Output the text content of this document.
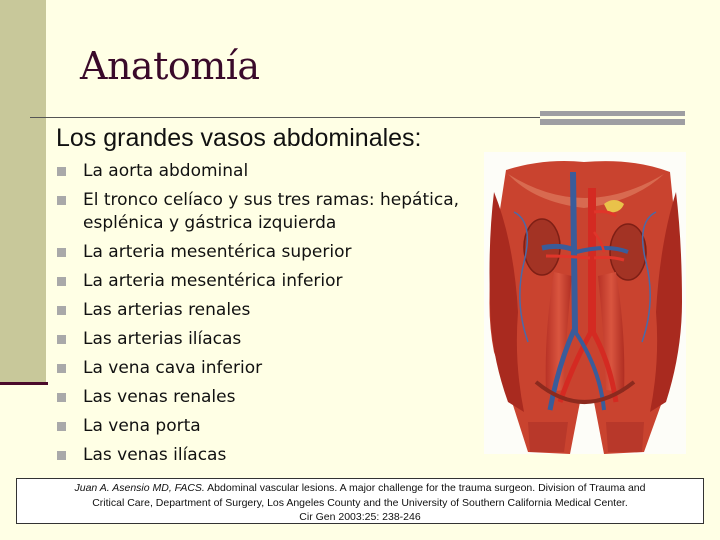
Anatomía
Los grandes vasos abdominales:
La aorta abdominal
El tronco celíaco y sus tres ramas: hepática, esplénica y gástrica izquierda
La arteria mesentérica superior
La arteria mesentérica inferior
Las arterias renales
Las arterias ilíacas
La vena cava inferior
Las venas renales
La vena porta
Las venas ilíacas
Juan A. Asensio MD, FACS. Abdominal vascular lesions. A major challenge for the trauma surgeon. Division of Trauma and
Critical Care, Department of Surgery, Los Angeles County and the University of Southern California Medical Center.
Cir Gen 2003:25: 238-246
